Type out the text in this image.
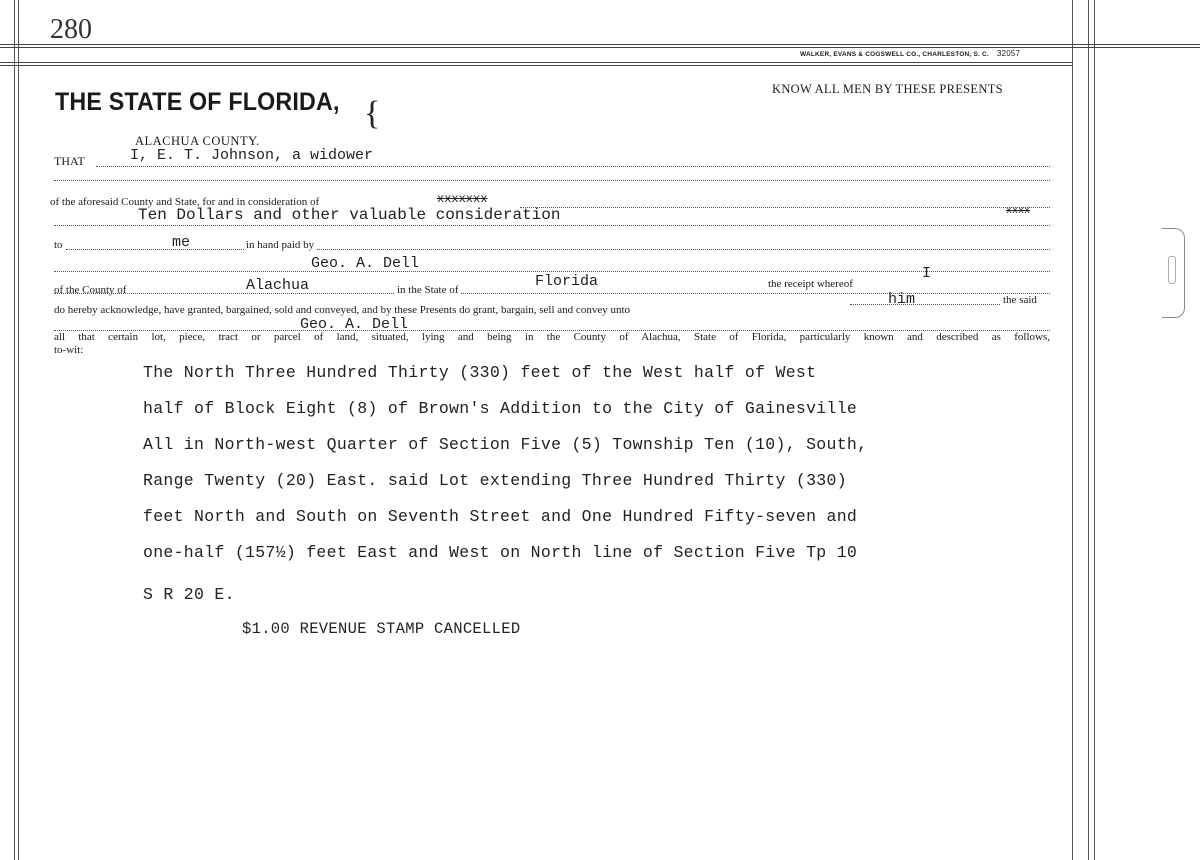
280
WALKER, EVANS & COGSWELL CO., CHARLESTON, S. C. 32057
THE STATE OF FLORIDA, {
ALACHUA COUNTY.
KNOW ALL MEN BY THESE PRESENTS
THAT	I, E. T. Johnson, a widower
of the aforesaid County and State, for and in consideration of	xxxxxxx
Ten Dollars and other valuable consideration	xxxx
to	me	in hand paid by
Geo. A. Dell
of the County of	Alachua	in the State of	Florida	the receipt whereof
I
do hereby acknowledge, have granted, bargained, sold and conveyed, and by these Presents do grant, bargain, sell and convey unto
him	the said
Geo. A. Dell
all that certain lot, piece, tract or parcel of land, situated, lying and being in the County of Alachua, State of Florida, particularly known and described as follows,
to-wit:
The North Three Hundred Thirty (330) feet of the West half of West
half of Block Eight (8) of Brown's Addition to the City of Gainesville
All in North-west Quarter of Section Five (5) Township Ten (10), South,
Range Twenty (20) East. said Lot extending Three Hundred Thirty (330)
feet North and South on Seventh Street and One Hundred Fifty-seven and
one-half (157½) feet East and West on North line of Section Five Tp 10
S R 20 E.
$1.00 REVENUE STAMP CANCELLED
